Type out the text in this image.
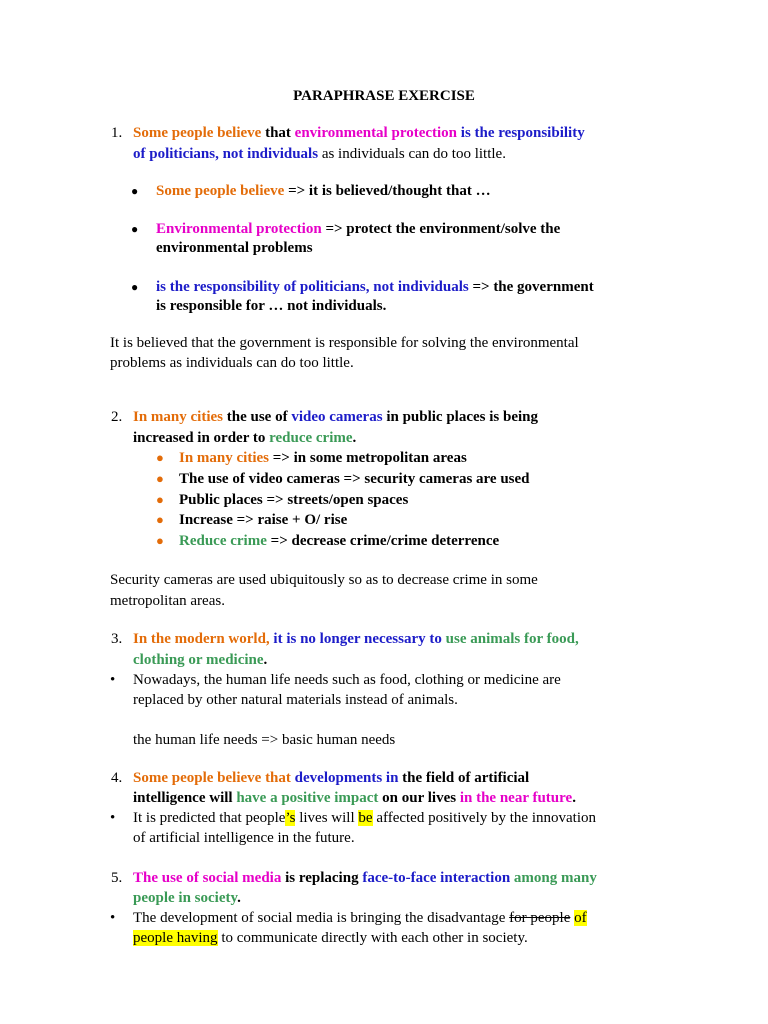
PARAPHRASE EXERCISE
1. Some people believe that environmental protection is the responsibility
of politicians, not individuals as individuals can do too little.
● Some people believe => it is believed/thought that …
● Environmental protection => protect the environment/solve the
environmental problems
● is the responsibility of politicians, not individuals => the government
is responsible for … not individuals.
It is believed that the government is responsible for solving the environmental
problems as individuals can do too little.
2. In many cities the use of video cameras in public places is being
increased in order to reduce crime.
● In many cities => in some metropolitan areas
● The use of video cameras => security cameras are used
● Public places => streets/open spaces
● Increase => raise + O/ rise
● Reduce crime => decrease crime/crime deterrence
Security cameras are used ubiquitously so as to decrease crime in some
metropolitan areas.
3. In the modern world, it is no longer necessary to use animals for food,
clothing or medicine.
• Nowadays, the human life needs such as food, clothing or medicine are
replaced by other natural materials instead of animals.
the human life needs => basic human needs
4. Some people believe that developments in the field of artificial
intelligence will have a positive impact on our lives in the near future.
• It is predicted that people’s lives will be affected positively by the innovation
of artificial intelligence in the future.
5. The use of social media is replacing face-to-face interaction among many
people in society.
• The development of social media is bringing the disadvantage for people of
people having to communicate directly with each other in society.
